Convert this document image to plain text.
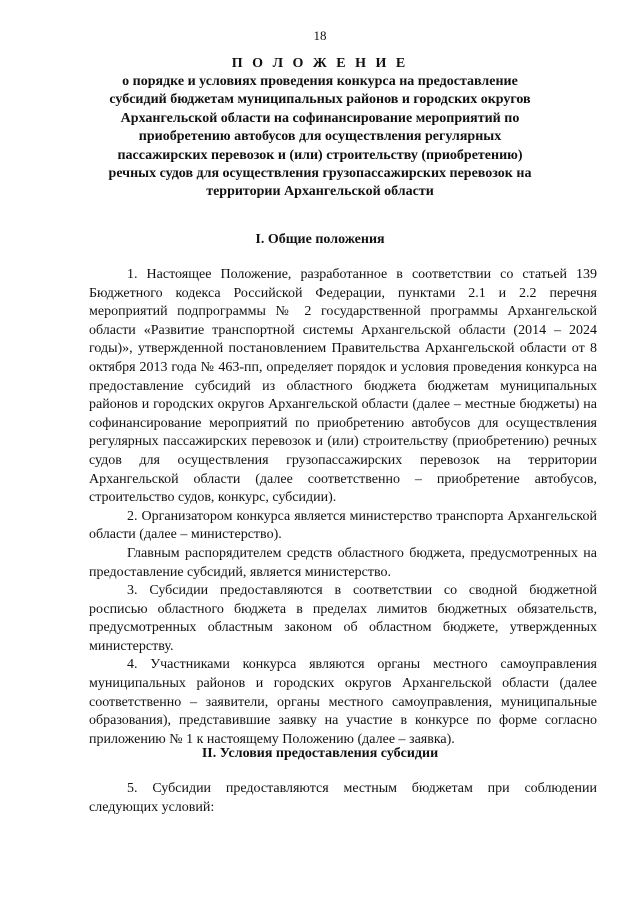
18
П О Л О Ж Е Н И Е
о порядке и условиях проведения конкурса на предоставление субсидий бюджетам муниципальных районов и городских округов Архангельской области на софинансирование мероприятий по приобретению автобусов для осуществления регулярных пассажирских перевозок и (или) строительству (приобретению) речных судов для осуществления грузопассажирских перевозок на территории Архангельской области
I. Общие положения

1. Настоящее Положение, разработанное в соответствии со статьей 139 Бюджетного кодекса Российской Федерации, пунктами 2.1 и 2.2 перечня мероприятий подпрограммы № 2 государственной программы Архангельской области «Развитие транспортной системы Архангельской области (2014 – 2024 годы)», утвержденной постановлением Правительства Архангельской области от 8 октября 2013 года № 463-пп, определяет порядок и условия проведения конкурса на предоставление субсидий из областного бюджета бюджетам муниципальных районов и городских округов Архангельской области (далее – местные бюджеты) на софинансирование мероприятий по приобретению автобусов для осуществления регулярных пассажирских перевозок и (или) строительству (приобретению) речных судов для осуществления грузопассажирских перевозок на территории Архангельской области (далее соответственно – приобретение автобусов, строительство судов, конкурс, субсидии).

2. Организатором конкурса является министерство транспорта Архангельской области (далее – министерство).

Главным распорядителем средств областного бюджета, предусмотренных на предоставление субсидий, является министерство.

3. Субсидии предоставляются в соответствии со сводной бюджетной росписью областного бюджета в пределах лимитов бюджетных обязательств, предусмотренных областным законом об областном бюджете, утвержденных министерству.

4. Участниками конкурса являются органы местного самоуправления муниципальных районов и городских округов Архангельской области (далее соответственно – заявители, органы местного самоуправления, муниципальные образования), представившие заявку на участие в конкурсе по форме согласно приложению № 1 к настоящему Положению (далее – заявка).

II. Условия предоставления субсидии

5. Субсидии предоставляются местным бюджетам при соблюдении следующих условий:
